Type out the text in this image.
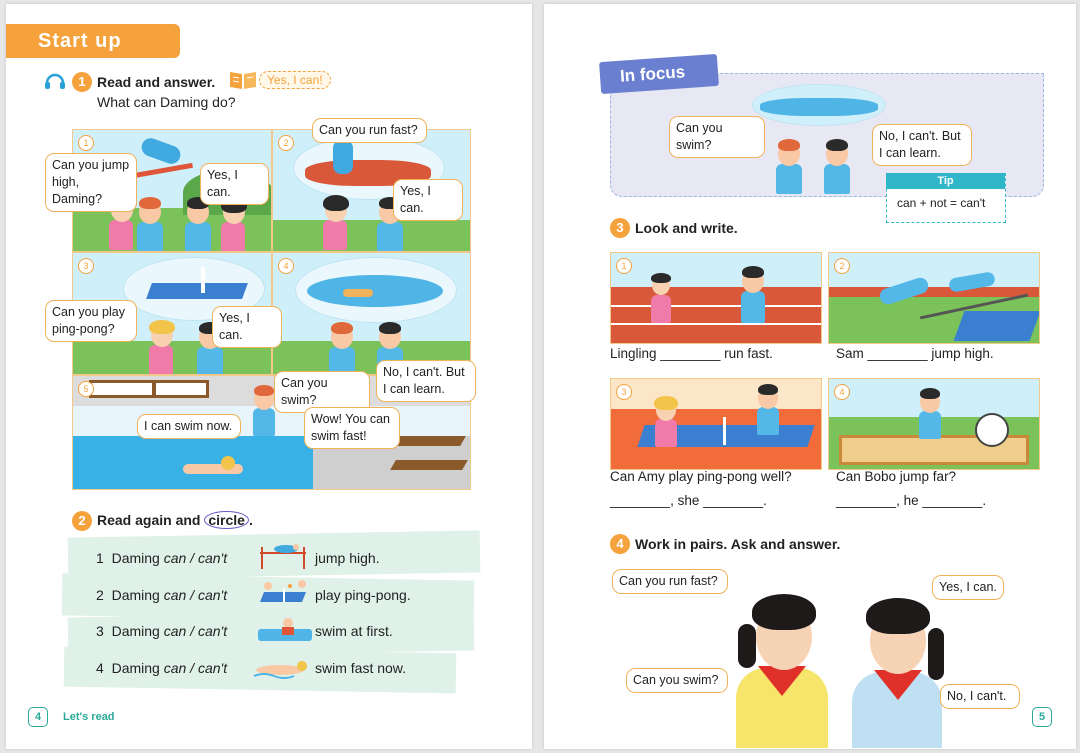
Start up
1 Read and answer.	Yes, I can!
What can Daming do?
1	2
3	4
5
Can you jump high, Daming?
Yes, I can.
Can you run fast?
Yes, I can.
Can you play ping-pong?
Yes, I can.
Can you swim?
No, I can't. But I can learn.
I can swim now.	Wow! You can swim fast!
2 Read again and circle .
1 Daming can / can't	jump high.
2 Daming can / can't	play ping-pong.
3 Daming can / can't	swim at first.
4 Daming can / can't	swim fast now.
4	Let's read
In focus
Can you swim?
No, I can't. But I can learn.
Tip
can + not = can't
3 Look and write.
1	2
Lingling ________ run fast.	Sam ________ jump high.
3	4
Can Amy play ping-pong well?	Can Bobo jump far?
________, she ________.	________, he ________.
4 Work in pairs. Ask and answer.
Can you run fast?	Yes, I can.
Can you swim?
No, I can't.
5
